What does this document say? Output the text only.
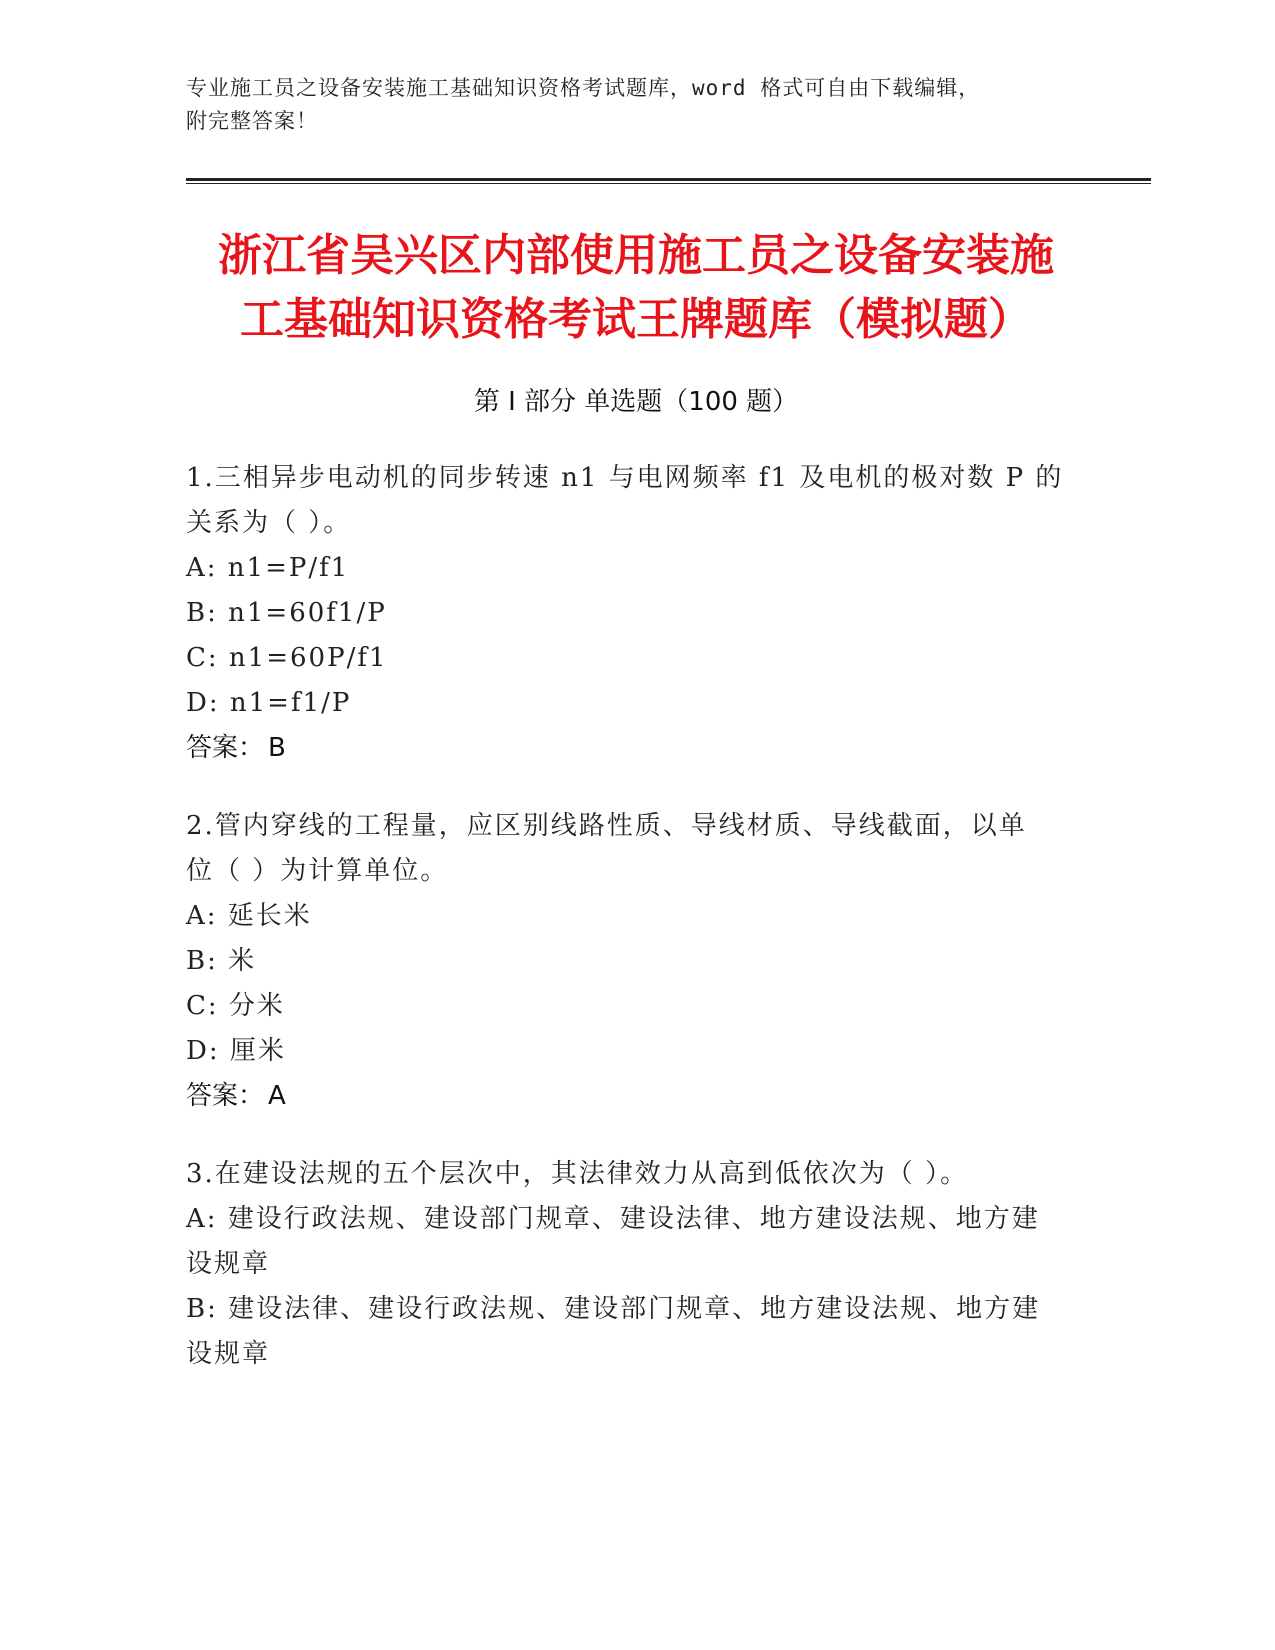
专业施工员之设备安装施工基础知识资格考试题库，word 格式可自由下载编辑，
附完整答案！
浙江省吴兴区内部使用施工员之设备安装施
工基础知识资格考试王牌题库（模拟题）
第 I 部分 单选题（100 题）
1.三相异步电动机的同步转速 n1 与电网频率 f1 及电机的极对数 P 的
关系为（ ）。
A: n1=P/f1
B: n1=60f1/P
C: n1=60P/f1
D: n1=f1/P
答案： B
2.管内穿线的工程量，应区别线路性质、导线材质、导线截面，以单
位（ ）为计算单位。
A: 延长米
B: 米
C: 分米
D: 厘米
答案： A
3.在建设法规的五个层次中，其法律效力从高到低依次为（ ）。
A: 建设行政法规、建设部门规章、建设法律、地方建设法规、地方建
设规章
B: 建设法律、建设行政法规、建设部门规章、地方建设法规、地方建
设规章
